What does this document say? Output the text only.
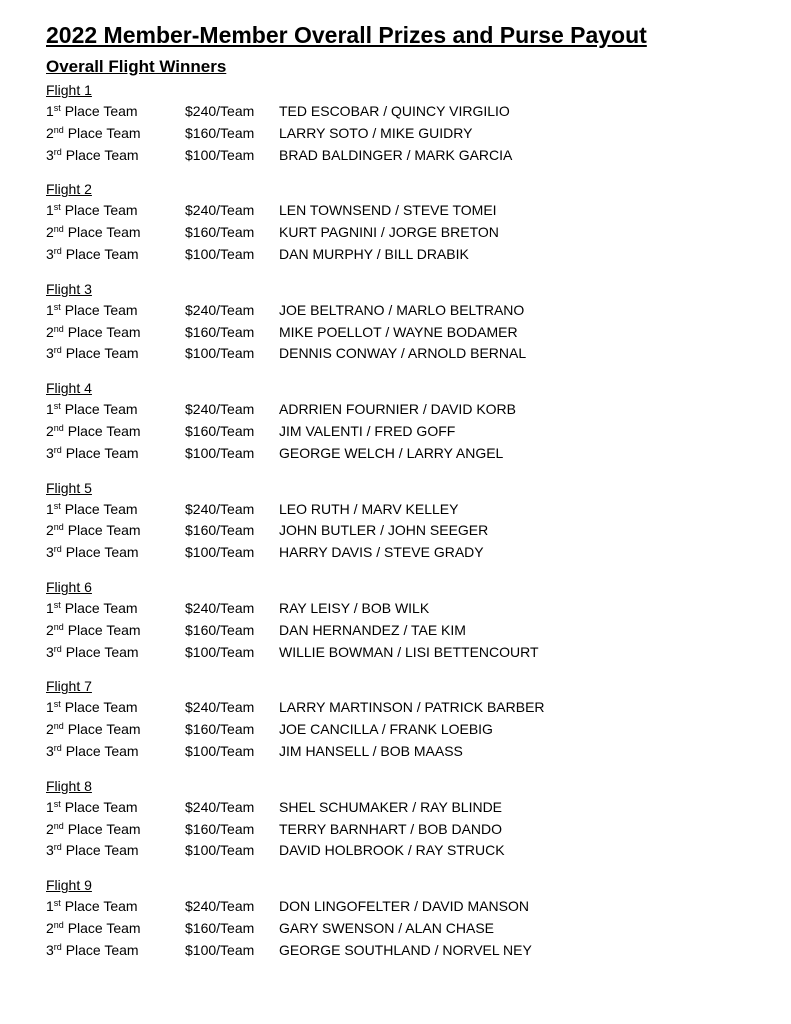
2022 Member-Member Overall Prizes and Purse Payout
Overall Flight Winners
Flight 1
1st Place Team	$240/Team	TED ESCOBAR / QUINCY VIRGILIO
2nd Place Team	$160/Team	LARRY SOTO / MIKE GUIDRY
3rd Place Team	$100/Team	BRAD BALDINGER / MARK GARCIA
Flight 2
1st Place Team	$240/Team	LEN TOWNSEND / STEVE TOMEI
2nd Place Team	$160/Team	KURT PAGNINI / JORGE BRETON
3rd Place Team	$100/Team	DAN MURPHY / BILL DRABIK
Flight 3
1st Place Team	$240/Team	JOE BELTRANO / MARLO BELTRANO
2nd Place Team	$160/Team	MIKE POELLOT / WAYNE BODAMER
3rd Place Team	$100/Team	DENNIS CONWAY / ARNOLD BERNAL
Flight 4
1st Place Team	$240/Team	ADRRIEN FOURNIER / DAVID KORB
2nd Place Team	$160/Team	JIM VALENTI / FRED GOFF
3rd Place Team	$100/Team	GEORGE WELCH / LARRY ANGEL
Flight 5
1st Place Team	$240/Team	LEO RUTH / MARV KELLEY
2nd Place Team	$160/Team	JOHN BUTLER / JOHN SEEGER
3rd Place Team	$100/Team	HARRY DAVIS / STEVE GRADY
Flight 6
1st Place Team	$240/Team	RAY LEISY / BOB WILK
2nd Place Team	$160/Team	DAN HERNANDEZ / TAE KIM
3rd Place Team	$100/Team	WILLIE BOWMAN / LISI BETTENCOURT
Flight 7
1st Place Team	$240/Team	LARRY MARTINSON / PATRICK BARBER
2nd Place Team	$160/Team	JOE CANCILLA / FRANK LOEBIG
3rd Place Team	$100/Team	JIM HANSELL / BOB MAASS
Flight 8
1st Place Team	$240/Team	SHEL SCHUMAKER / RAY BLINDE
2nd Place Team	$160/Team	TERRY BARNHART / BOB DANDO
3rd Place Team	$100/Team	DAVID HOLBROOK / RAY STRUCK
Flight 9
1st Place Team	$240/Team	DON LINGOFELTER / DAVID MANSON
2nd Place Team	$160/Team	GARY SWENSON / ALAN CHASE
3rd Place Team	$100/Team	GEORGE SOUTHLAND / NORVEL NEY
